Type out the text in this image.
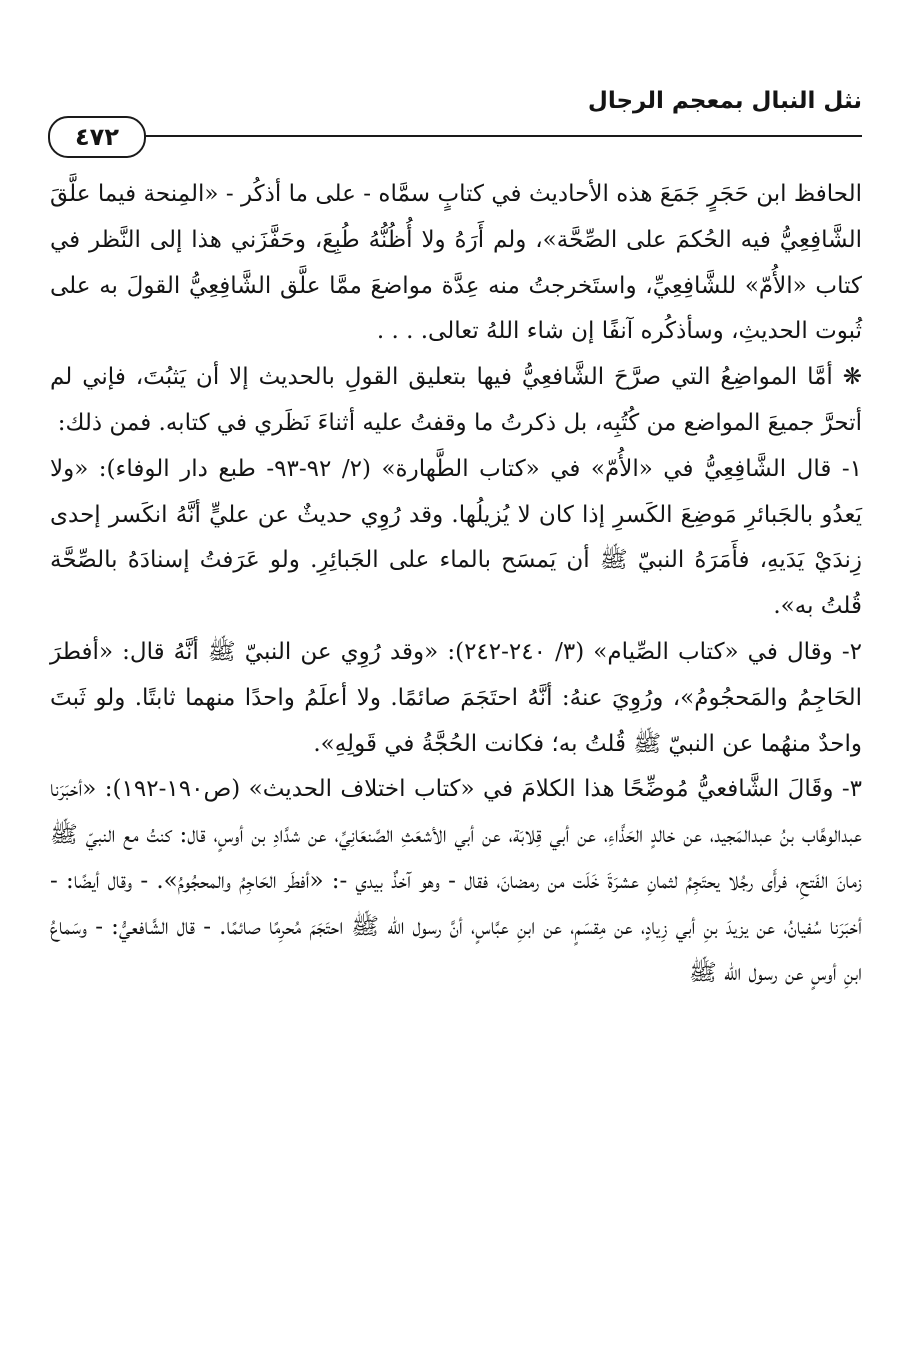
نثل النبال بمعجم الرجال
٤٧٢

الحافظ ابن حَجَرٍ جَمَعَ هذه الأحاديث في كتابٍ سمَّاه - على ما أذكُر - «المِنحة فيما علَّقَ الشَّافِعِيُّ فيه الحُكمَ على الصِّحَّة»، ولم أَرَهُ ولا أُظُنُّهُ طُبِعَ، وحَفَّزَني هذا إلى النَّظر في كتاب «الأُمّ» للشَّافِعِيِّ، واستَخرجتُ منه عِدَّة مواضعَ ممَّا علَّق الشَّافِعِيُّ القولَ به على ثُبوت الحديثِ، وسأذكُره آنفًا إن شاء اللهُ تعالى. . . .

❋ أمَّا المواضِعُ التي صرَّحَ الشَّافعِيُّ فيها بتعليق القولِ بالحديث إلا أن يَثبُتَ، فإني لم أتحرَّ جميعَ المواضع من كُتُبِه، بل ذكرتُ ما وقفتُ عليه أثناءَ نَظَري في كتابه. فمن ذلك:

١- قال الشَّافِعِيُّ في «الأُمّ» في «كتاب الطَّهارة» (٢/ ٩٢-٩٣- طبع دار الوفاء): «ولا يَعدُو بالجَبائرِ مَوضِعَ الكَسرِ إذا كان لا يُزيلُها. وقد رُوِي حديثٌ عن عليٍّ أنَّهُ انكَسر إحدى زِندَيْ يَدَيهِ، فأَمَرَهُ النبيّ ﷺ أن يَمسَح بالماء على الجَبائِرِ. ولو عَرَفتُ إسنادَهُ بالصِّحَّة قُلتُ به».

٢- وقال في «كتاب الصِّيام» (٣/ ٢٤٠-٢٤٢): «وقد رُوِي عن النبيّ ﷺ أنَّهُ قال: «أفطرَ الحَاجِمُ والمَحجُومُ»، ورُوِيَ عنهُ: أنَّهُ احتَجَمَ صائمًا. ولا أعلَمُ واحدًا منهما ثابتًا. ولو ثَبتَ واحدٌ منهُما عن النبيّ ﷺ قُلتُ به؛ فكانت الحُجَّةُ في قَولِهِ».

٣- وقَالَ الشَّافعيُّ مُوضِّحًا هذا الكلامَ في «كتاب اختلاف الحديث» (ص١٩٠-١٩٢): «أخبَرَنا عبدالوهَّاب بنُ عبدالمَجيد، عن خالدٍ الحَذَّاءِ، عن أبي قِلابَة، عن أبي الأشعَثِ الصَّنعَانِيِّ، عن شدَّادِ بن أوسٍ، قال: كنتُ مع النبيّ ﷺ زمانَ الفَتحِ، فرأَى رجُلا يحتَجِمُ لثمانِ عشرَةَ خَلَت من رمضانَ، فقال - وهو آخذٌ بيدي -: «أفطَر الحَاجِمُ والمحجُومُ». - وقال أيضًا: - أخبَرَنا سُفيانُ، عن يزيدَ بنِ أبي زِيادٍ، عن مِقسَمٍ، عن ابنِ عبَّاسٍ، أنَّ رسول الله ﷺ احتَجَمَ مُحرِمًا صائمًا. - قال الشَّافعيُّ: - وسَماعُ ابنِ أوسٍ عن رسول الله ﷺ
